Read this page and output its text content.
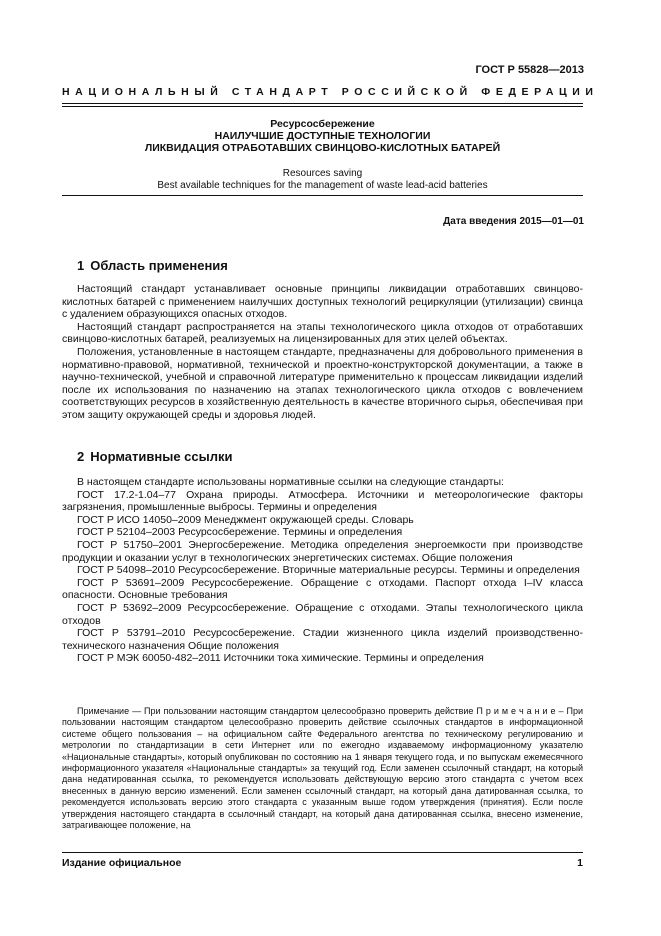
ГОСТ Р 55828—2013
НАЦИОНАЛЬНЫЙ СТАНДАРТ РОССИЙСКОЙ ФЕДЕРАЦИИ
Ресурсосбережение
НАИЛУЧШИЕ ДОСТУПНЫЕ ТЕХНОЛОГИИ
ЛИКВИДАЦИЯ ОТРАБОТАВШИХ СВИНЦОВО-КИСЛОТНЫХ БАТАРЕЙ
Resources saving
Best available techniques for the management of waste lead-acid batteries
Дата введения 2015—01—01
1 Область применения

Настоящий стандарт устанавливает основные принципы ликвидации отработавших свинцово-кислотных батарей с применением наилучших доступных технологий рециркуляции (утилизации) свинца с удалением образующихся опасных отходов.

Настоящий стандарт распространяется на этапы технологического цикла отходов от отработавших свинцово-кислотных батарей, реализуемых на лицензированных для этих целей объектах.

Положения, установленные в настоящем стандарте, предназначены для добровольного применения в нормативно-правовой, нормативной, технической и проектно-конструкторской документации, а также в научно-технической, учебной и справочной литературе применительно к процессам ликвидации изделий после их использования по назначению на этапах технологического цикла отходов с вовлечением соответствующих ресурсов в хозяйственную деятельность в качестве вторичного сырья, обеспечивая при этом защиту окружающей среды и здоровья людей.

2 Нормативные ссылки

В настоящем стандарте использованы нормативные ссылки на следующие стандарты:

ГОСТ 17.2-1.04–77 Охрана природы. Атмосфера. Источники и метеорологические факторы загрязнения, промышленные выбросы. Термины и определения

ГОСТ Р ИСО 14050–2009 Менеджмент окружающей среды. Словарь

ГОСТ Р 52104–2003 Ресурсосбережение. Термины и определения

ГОСТ Р 51750–2001 Энергосбережение. Методика определения энергоемкости при производстве продукции и оказании услуг в технологических энергетических системах. Общие положения

ГОСТ Р 54098–2010 Ресурсосбережение. Вторичные материальные ресурсы. Термины и определения

ГОСТ Р 53691–2009 Ресурсосбережение. Обращение с отходами. Паспорт отхода I–IV класса опасности. Основные требования

ГОСТ Р 53692–2009 Ресурсосбережение. Обращение с отходами. Этапы технологического цикла отходов

ГОСТ Р 53791–2010 Ресурсосбережение. Стадии жизненного цикла изделий производственно-технического назначения Общие положения

ГОСТ Р МЭК 60050-482–2011 Источники тока химические. Термины и определения

Примечание — При пользовании настоящим стандартом целесообразно проверить действие П р и м е ч а н и е – При пользовании настоящим стандартом целесообразно проверить действие ссылочных стандартов в информационной системе общего пользования – на официальном сайте Федерального агентства по техническому регулированию и метрологии по стандартизации в сети Интернет или по ежегодно издаваемому информационному указателю «Национальные стандарты», который опубликован по состоянию на 1 января текущего года, и по выпускам ежемесячного информационного указателя «Национальные стандарты» за текущий год. Если заменен ссылочный стандарт, на который дана недатированная ссылка, то рекомендуется использовать действующую версию этого стандарта с учетом всех внесенных в данную версию изменений. Если заменен ссылочный стандарт, на который дана датированная ссылка, то рекомендуется использовать версию этого стандарта с указанным выше годом утверждения (принятия). Если после утверждения настоящего стандарта в ссылочный стандарт, на который дана датированная ссылка, внесено изменение, затрагивающее положение, на

Издание официальное	1
